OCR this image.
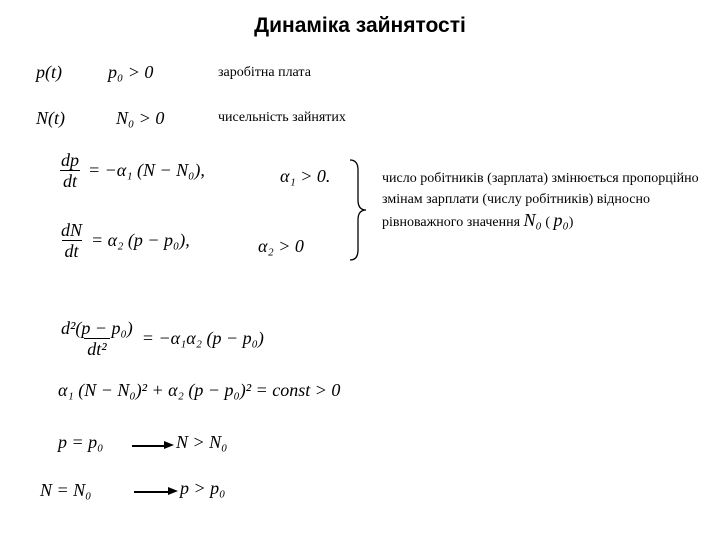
Динаміка зайнятості
p(t)	p₀ > 0	заробітна плата
N(t)	N₀ > 0	чисельність зайнятих
$\frac{dp}{dt} = -\alpha_1$ (N − N₀),	α₁ > 0.
$\frac{dN}{dt} = \alpha_2$ (p − p₀),	α₂ > 0
число робітників (зарплата) змінюється пропорційно змінам зарплати (числу робітників) відносно рівноважного значення N₀ ( p₀)
$\frac{\text{d²(p − p₀)}}{\text{dt²}} = -\alpha_1\alpha_2$ (p − p₀)
α₁ (N − N₀)² + α₂ (p − p₀)² = const > 0
p = p₀	N > N₀
N = N₀	p > p₀
